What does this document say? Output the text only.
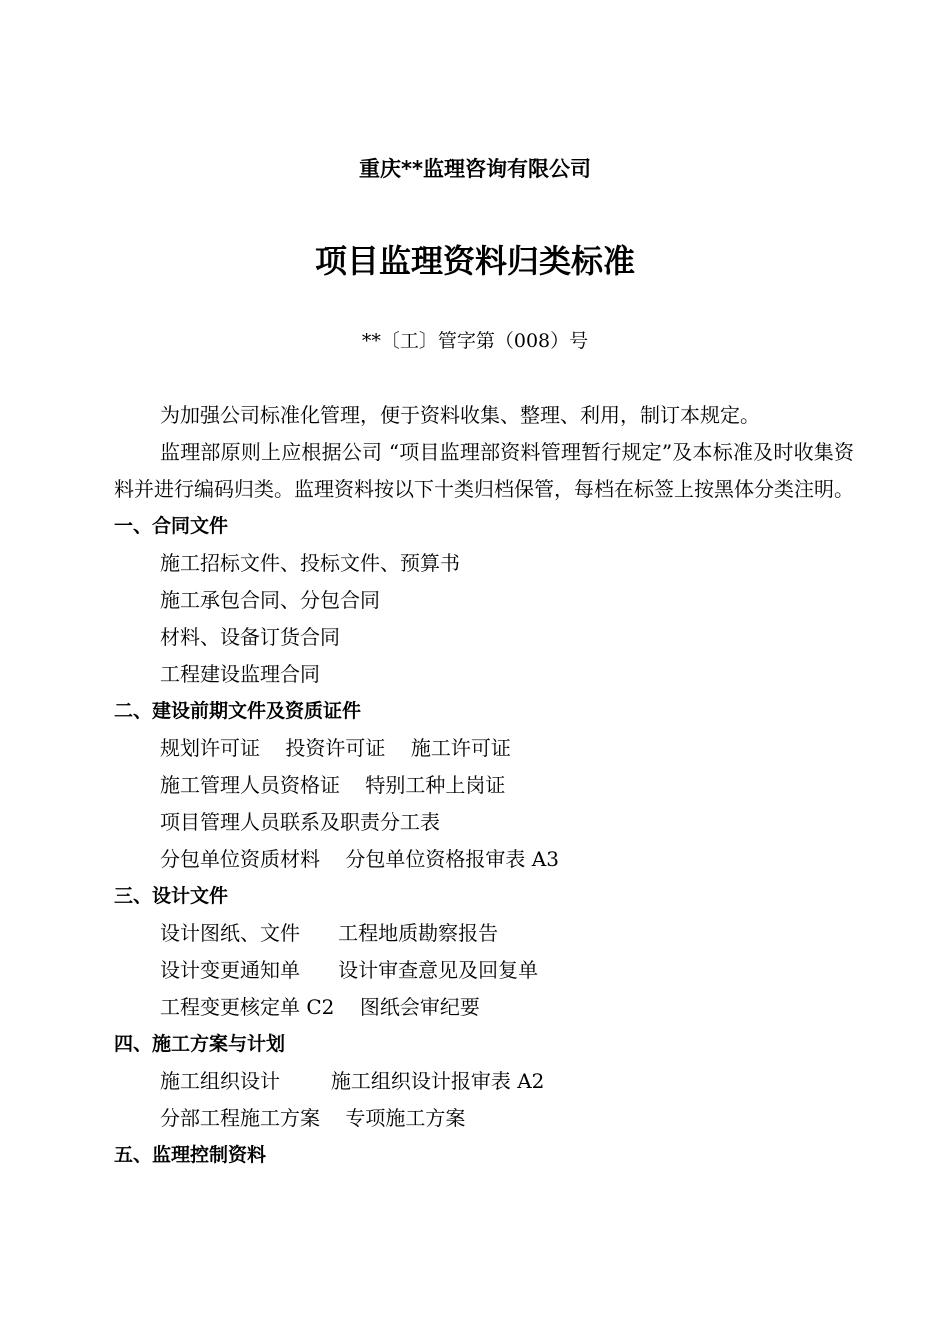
重庆**监理咨询有限公司
项目监理资料归类标准
**〔工〕管字第（008）号

为加强公司标准化管理，便于资料收集、整理、利用，制订本规定。

监理部原则上应根据公司 “项目监理部资料管理暂行规定”及本标准及时收集资料并进行编码归类。监理资料按以下十类归档保管，每档在标签上按黑体分类注明。

一、合同文件

施工招标文件、投标文件、预算书

施工承包合同、分包合同

材料、设备订货合同

工程建设监理合同

二、建设前期文件及资质证件

规划许可证    投资许可证    施工许可证

施工管理人员资格证    特别工种上岗证

项目管理人员联系及职责分工表

分包单位资质材料    分包单位资格报审表 A3

三、设计文件

设计图纸、文件      工程地质勘察报告

设计变更通知单      设计审查意见及回复单

工程变更核定单 C2    图纸会审纪要

四、施工方案与计划

施工组织设计        施工组织设计报审表 A2

分部工程施工方案    专项施工方案

五、监理控制资料
